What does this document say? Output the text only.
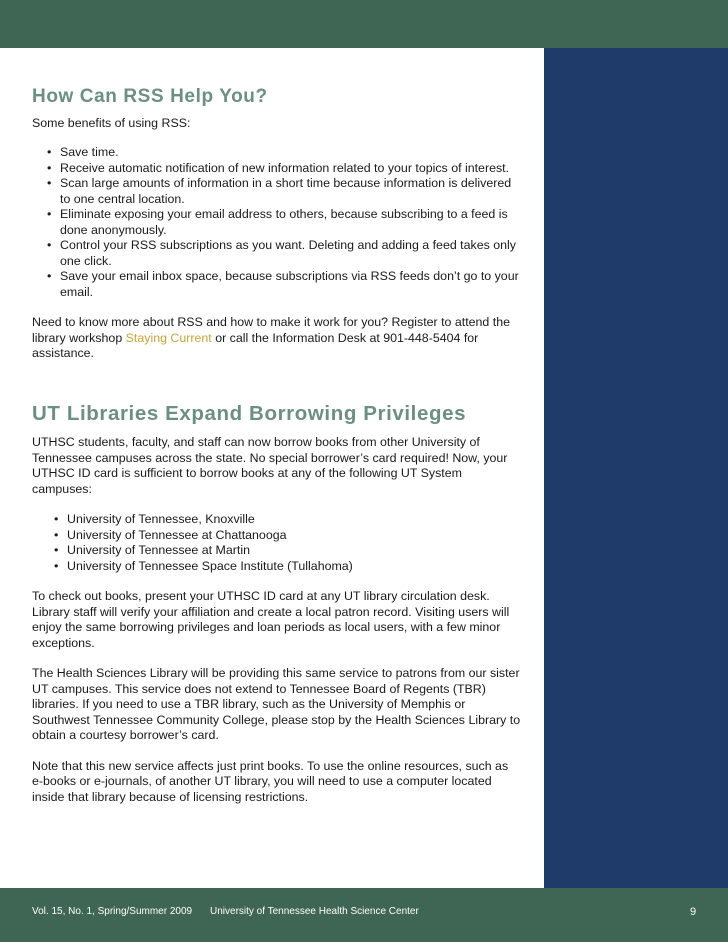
How Can RSS Help You?

Some benefits of using RSS:

• Save time.
• Receive automatic notification of new information related to your topics of interest.
• Scan large amounts of information in a short time because information is delivered to one central location.
• Eliminate exposing your email address to others, because subscribing to a feed is done anonymously.
• Control your RSS subscriptions as you want. Deleting and adding a feed takes only one click.
• Save your email inbox space, because subscriptions via RSS feeds don’t go to your email.

Need to know more about RSS and how to make it work for you? Register to attend the library workshop Staying Current or call the Information Desk at 901-448-5404 for assistance.

UT Libraries Expand Borrowing Privileges

UTHSC students, faculty, and staff can now borrow books from other University of Tennessee campuses across the state. No special borrower’s card required! Now, your UTHSC ID card is sufficient to borrow books at any of the following UT System campuses:

• University of Tennessee, Knoxville
• University of Tennessee at Chattanooga
• University of Tennessee at Martin
• University of Tennessee Space Institute (Tullahoma)

To check out books, present your UTHSC ID card at any UT library circulation desk. Library staff will verify your affiliation and create a local patron record. Visiting users will enjoy the same borrowing privileges and loan periods as local users, with a few minor exceptions.

The Health Sciences Library will be providing this same service to patrons from our sister UT campuses. This service does not extend to Tennessee Board of Regents (TBR) libraries. If you need to use a TBR library, such as the University of Memphis or Southwest Tennessee Community College, please stop by the Health Sciences Library to obtain a courtesy borrower’s card.

Note that this new service affects just print books. To use the online resources, such as e-books or e-journals, of another UT library, you will need to use a computer located inside that library because of licensing restrictions.

Vol. 15, No. 1, Spring/Summer 2009 University of Tennessee Health Science Center	9
